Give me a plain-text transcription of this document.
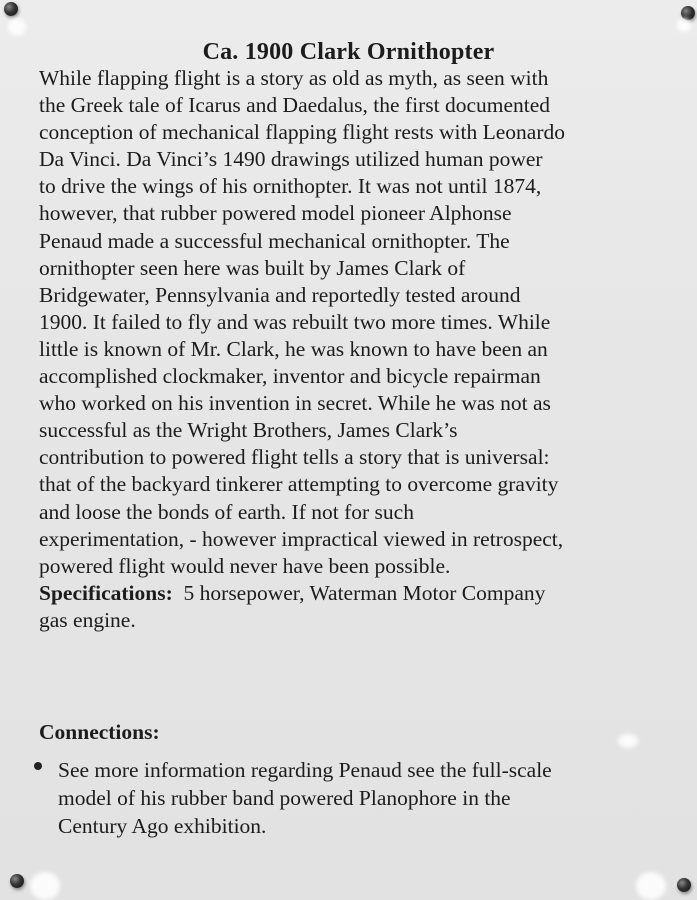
Ca. 1900 Clark Ornithopter
While flapping flight is a story as old as myth, as seen with
the Greek tale of Icarus and Daedalus, the first documented
conception of mechanical flapping flight rests with Leonardo
Da Vinci. Da Vinci’s 1490 drawings utilized human power
to drive the wings of his ornithopter. It was not until 1874,
however, that rubber powered model pioneer Alphonse
Penaud made a successful mechanical ornithopter. The
ornithopter seen here was built by James Clark of
Bridgewater, Pennsylvania and reportedly tested around
1900. It failed to fly and was rebuilt two more times. While
little is known of Mr. Clark, he was known to have been an
accomplished clockmaker, inventor and bicycle repairman
who worked on his invention in secret. While he was not as
successful as the Wright Brothers, James Clark’s
contribution to powered flight tells a story that is universal:
that of the backyard tinkerer attempting to overcome gravity
and loose the bonds of earth. If not for such
experimentation, - however impractical viewed in retrospect,
powered flight would never have been possible.
Specifications:  5 horsepower, Waterman Motor Company
gas engine.
Connections:
See more information regarding Penaud see the full-scale
model of his rubber band powered Planophore in the
Century Ago exhibition.
